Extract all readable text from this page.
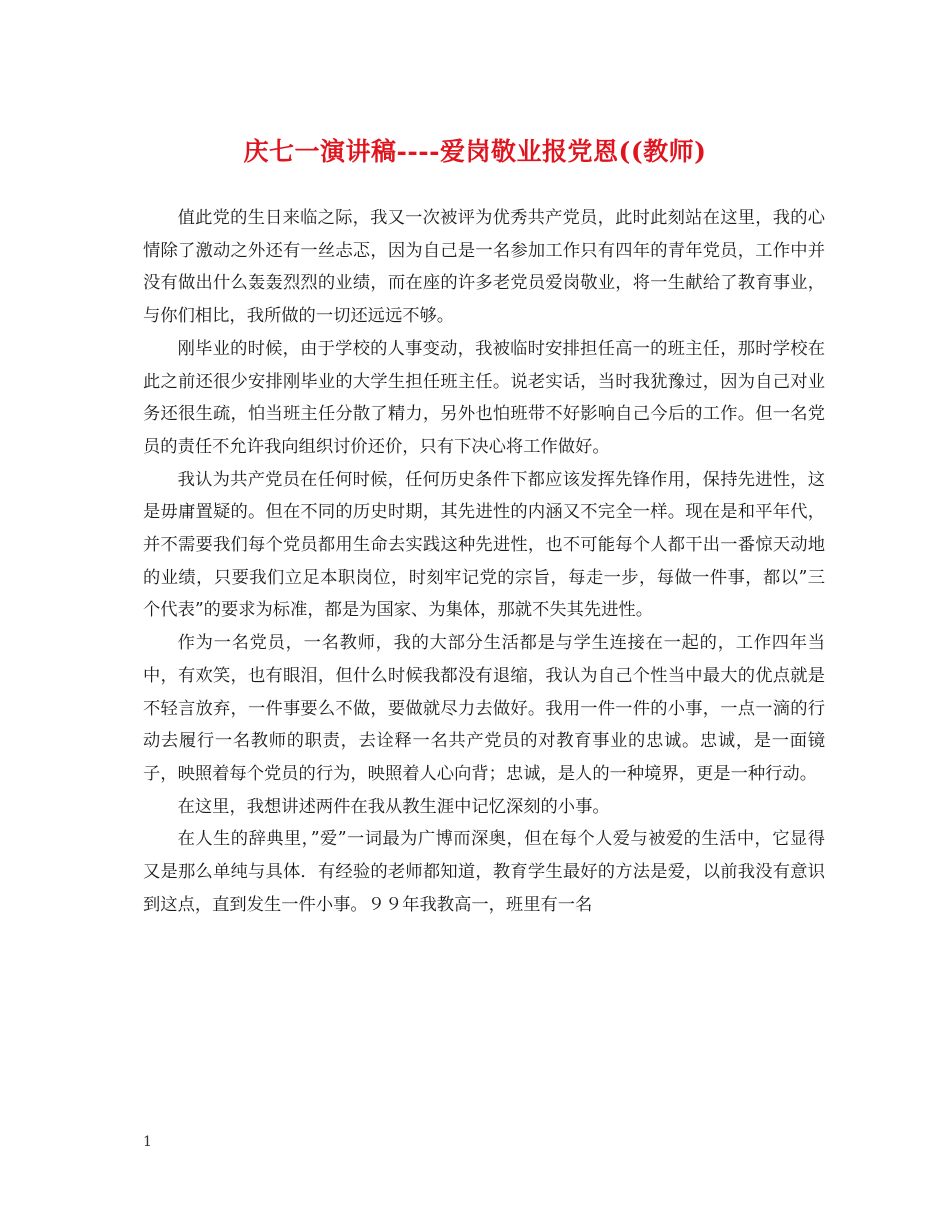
庆七一演讲稿----爱岗敬业报党恩((教师)

值此党的生日来临之际，我又一次被评为优秀共产党员，此时此刻站在这里，我的心情除了激动之外还有一丝忐忑，因为自己是一名参加工作只有四年的青年党员，工作中并没有做出什么轰轰烈烈的业绩，而在座的许多老党员爱岗敬业，将一生献给了教育事业，与你们相比，我所做的一切还远远不够。

刚毕业的时候，由于学校的人事变动，我被临时安排担任高一的班主任，那时学校在此之前还很少安排刚毕业的大学生担任班主任。说老实话，当时我犹豫过，因为自己对业务还很生疏，怕当班主任分散了精力，另外也怕班带不好影响自己今后的工作。但一名党员的责任不允许我向组织讨价还价，只有下决心将工作做好。

我认为共产党员在任何时候，任何历史条件下都应该发挥先锋作用，保持先进性，这是毋庸置疑的。但在不同的历史时期，其先进性的内涵又不完全一样。现在是和平年代，并不需要我们每个党员都用生命去实践这种先进性，也不可能每个人都干出一番惊天动地的业绩，只要我们立足本职岗位，时刻牢记党的宗旨，每走一步，每做一件事，都以”三个代表”的要求为标准，都是为国家、为集体，那就不失其先进性。

作为一名党员，一名教师，我的大部分生活都是与学生连接在一起的，工作四年当中，有欢笑，也有眼泪，但什么时候我都没有退缩，我认为自己个性当中最大的优点就是不轻言放弃，一件事要么不做，要做就尽力去做好。我用一件一件的小事，一点一滴的行动去履行一名教师的职责，去诠释一名共产党员的对教育事业的忠诚。忠诚，是一面镜子，映照着每个党员的行为，映照着人心向背；忠诚，是人的一种境界，更是一种行动。

在这里，我想讲述两件在我从教生涯中记忆深刻的小事。

在人生的辞典里，”爱”一词最为广博而深奥，但在每个人爱与被爱的生活中，它显得又是那么单纯与具体．有经验的老师都知道，教育学生最好的方法是爱，以前我没有意识到这点，直到发生一件小事。９９年我教高一，班里有一名

1
